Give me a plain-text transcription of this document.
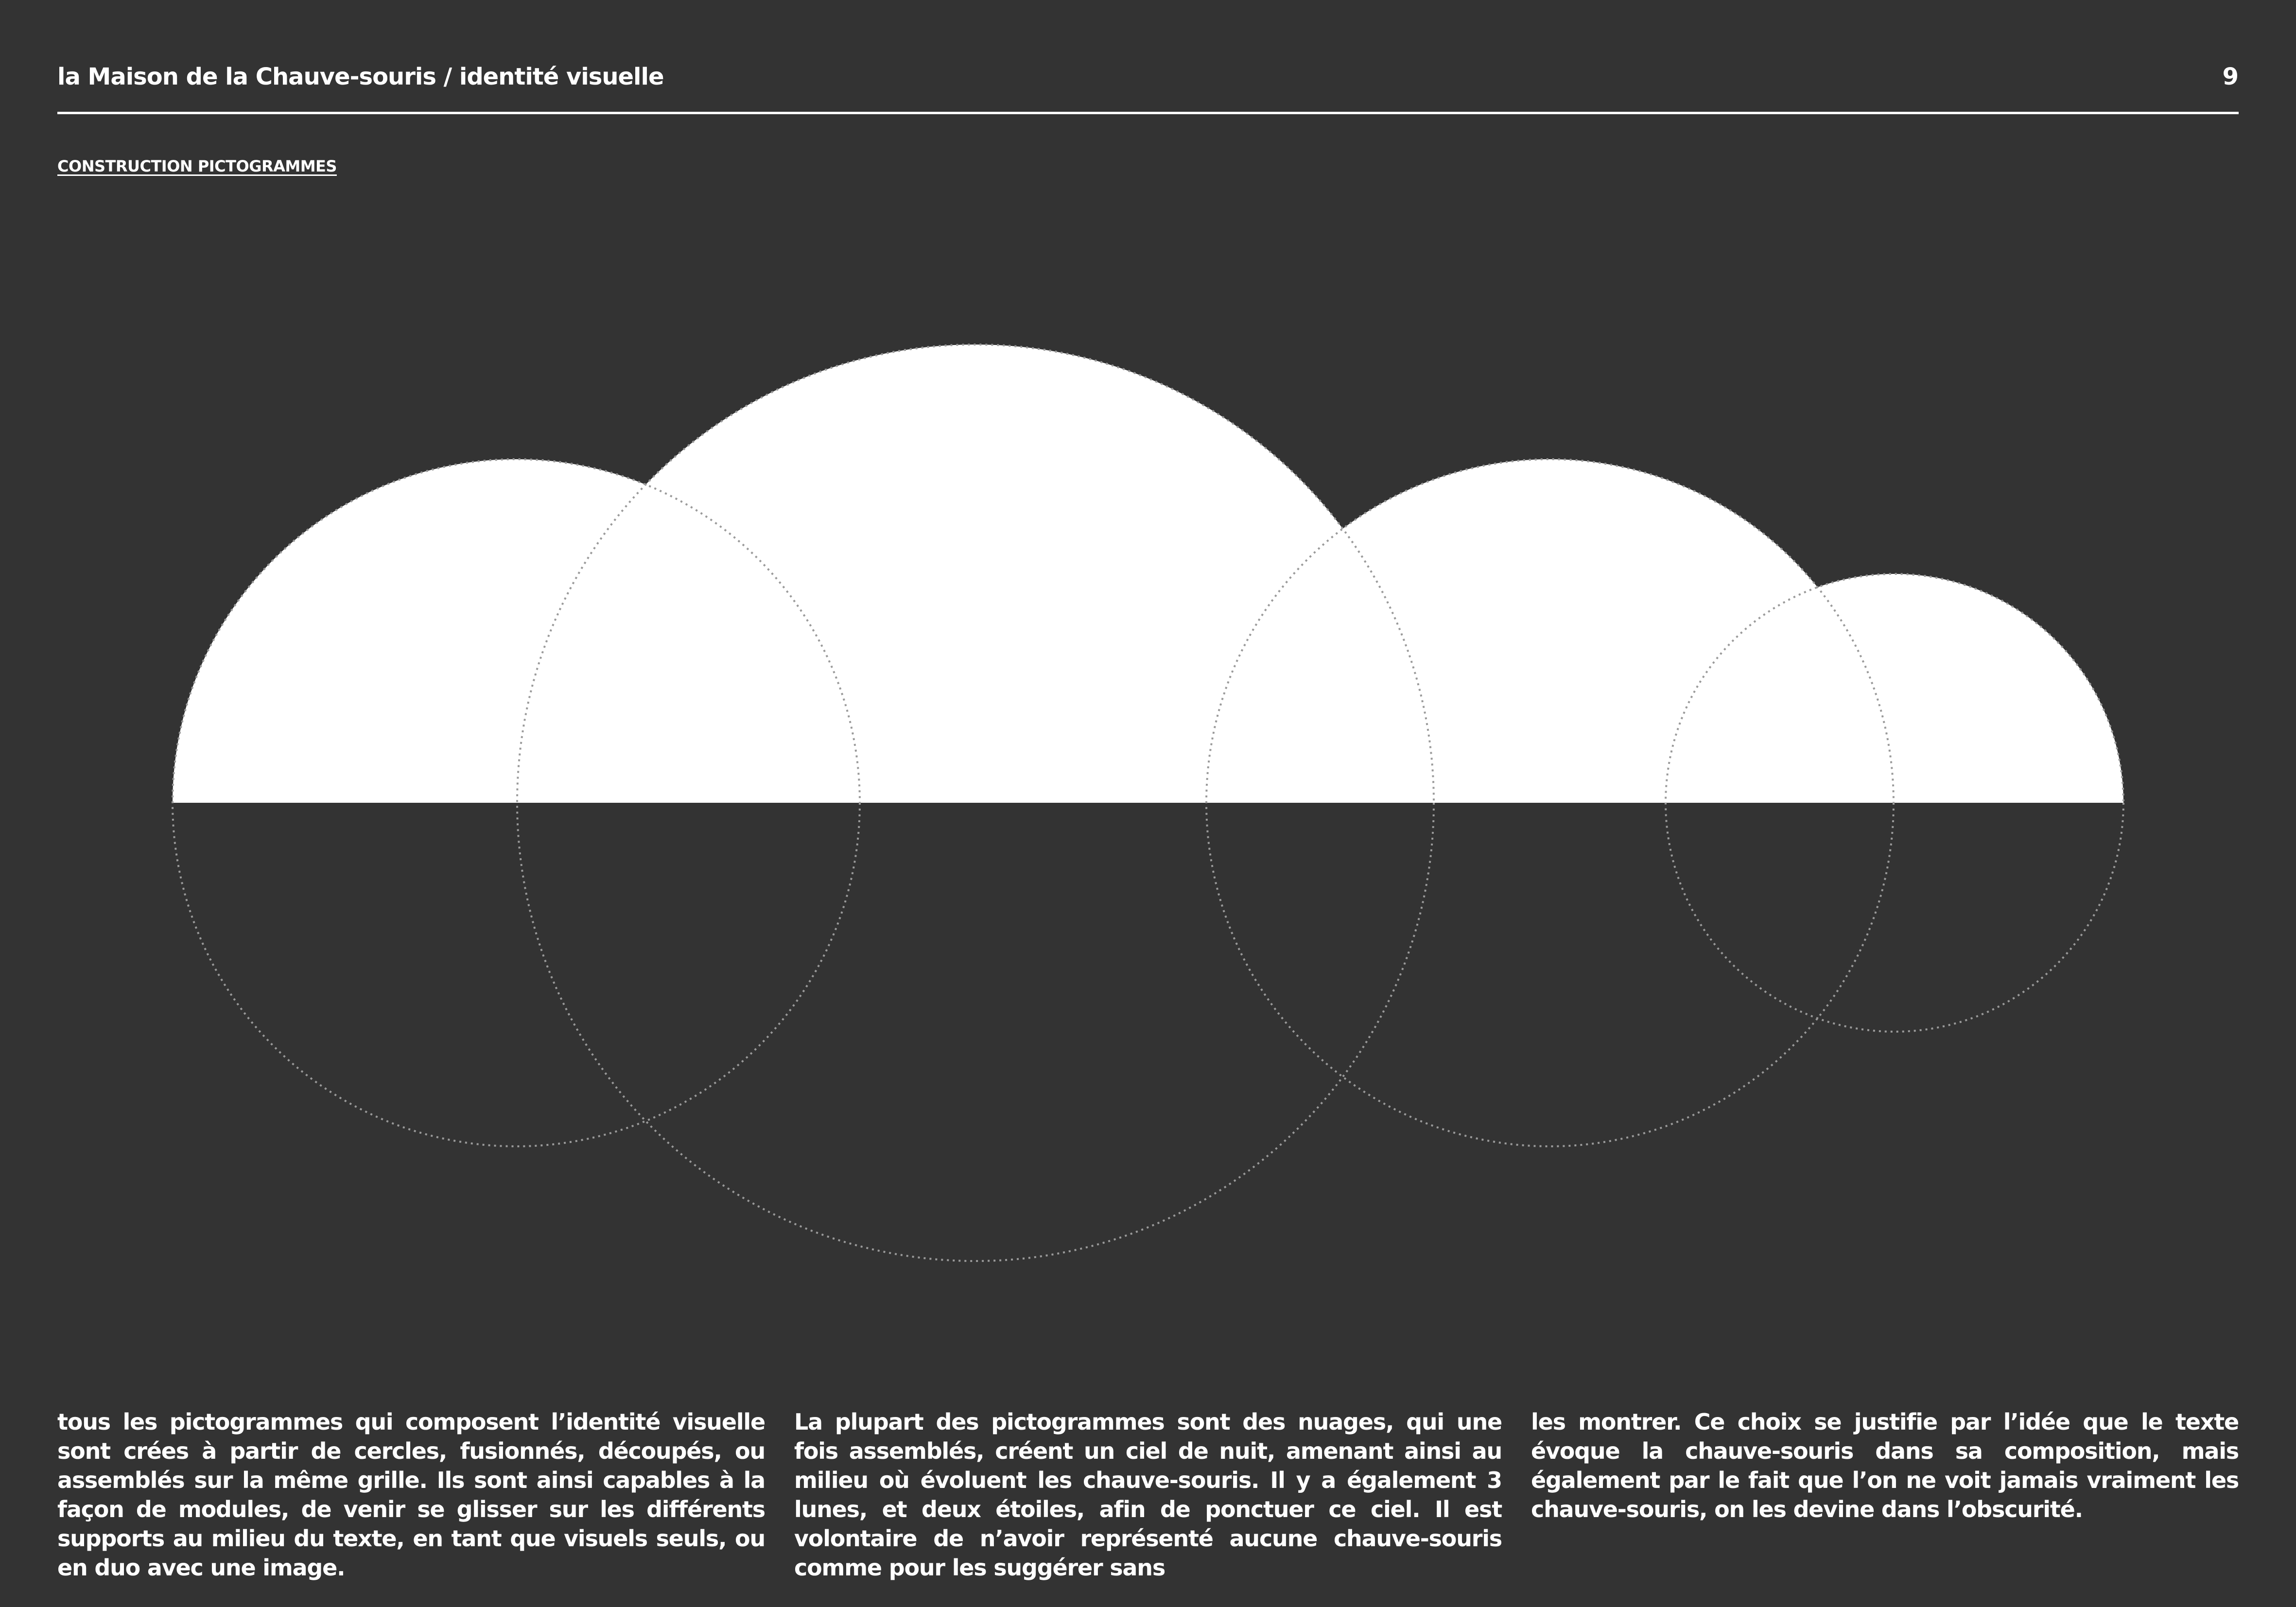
la Maison de la Chauve-souris / identité visuelle	9
CONSTRUCTION PICTOGRAMMES
tous les pictogrammes qui composent l’identité visuelle sont crées à partir de cercles, fusionnés, découpés, ou assemblés sur la même grille. Ils sont ainsi capables à la façon de modules, de venir se glisser sur les différents supports au milieu du texte, en tant que visuels seuls, ou en duo avec une image.
La plupart des pictogrammes sont des nuages, qui une fois assemblés, créent un ciel de nuit, amenant ainsi au milieu où évoluent les chauve-souris. Il y a également 3 lunes, et deux étoiles, afin de ponctuer ce ciel. Il est volontaire de n’avoir représenté aucune chauve-souris comme pour les suggérer sans
les montrer. Ce choix se justifie par l’idée que le texte évoque la chauve-souris dans sa composition, mais également par le fait que l’on ne voit jamais vraiment les chauve-souris, on les devine dans l’obscurité.
